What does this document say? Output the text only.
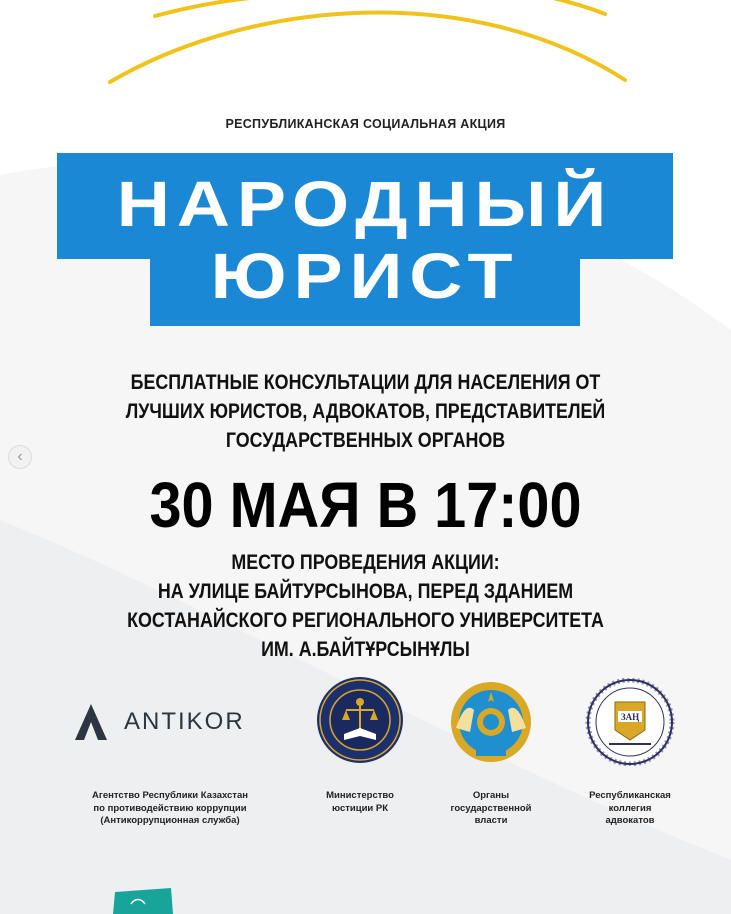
‹
РЕСПУБЛИКАНСКАЯ СОЦИАЛЬНАЯ АКЦИЯ
НАРОДНЫЙ
ЮРИСТ
БЕСПЛАТНЫЕ КОНСУЛЬТАЦИИ ДЛЯ НАСЕЛЕНИЯ ОТ
ЛУЧШИХ ЮРИСТОВ, АДВОКАТОВ, ПРЕДСТАВИТЕЛЕЙ
ГОСУДАРСТВЕННЫХ ОРГАНОВ
30 МАЯ В 17:00
МЕСТО ПРОВЕДЕНИЯ АКЦИИ:
НА УЛИЦЕ БАЙТУРСЫНОВА, ПЕРЕД ЗДАНИЕМ
КОСТАНАЙСКОГО РЕГИОНАЛЬНОГО УНИВЕРСИТЕТА
ИМ. А.БАЙТҰРСЫНҰЛЫ
ANTIKOR
Агентство Республики Казахстан
по противодействию коррупции
(Антикоррупционная служба)
Министерство
юстиции РК
Органы
государственной
власти
ЗАҢ
Республиканская
коллегия
адвокатов
